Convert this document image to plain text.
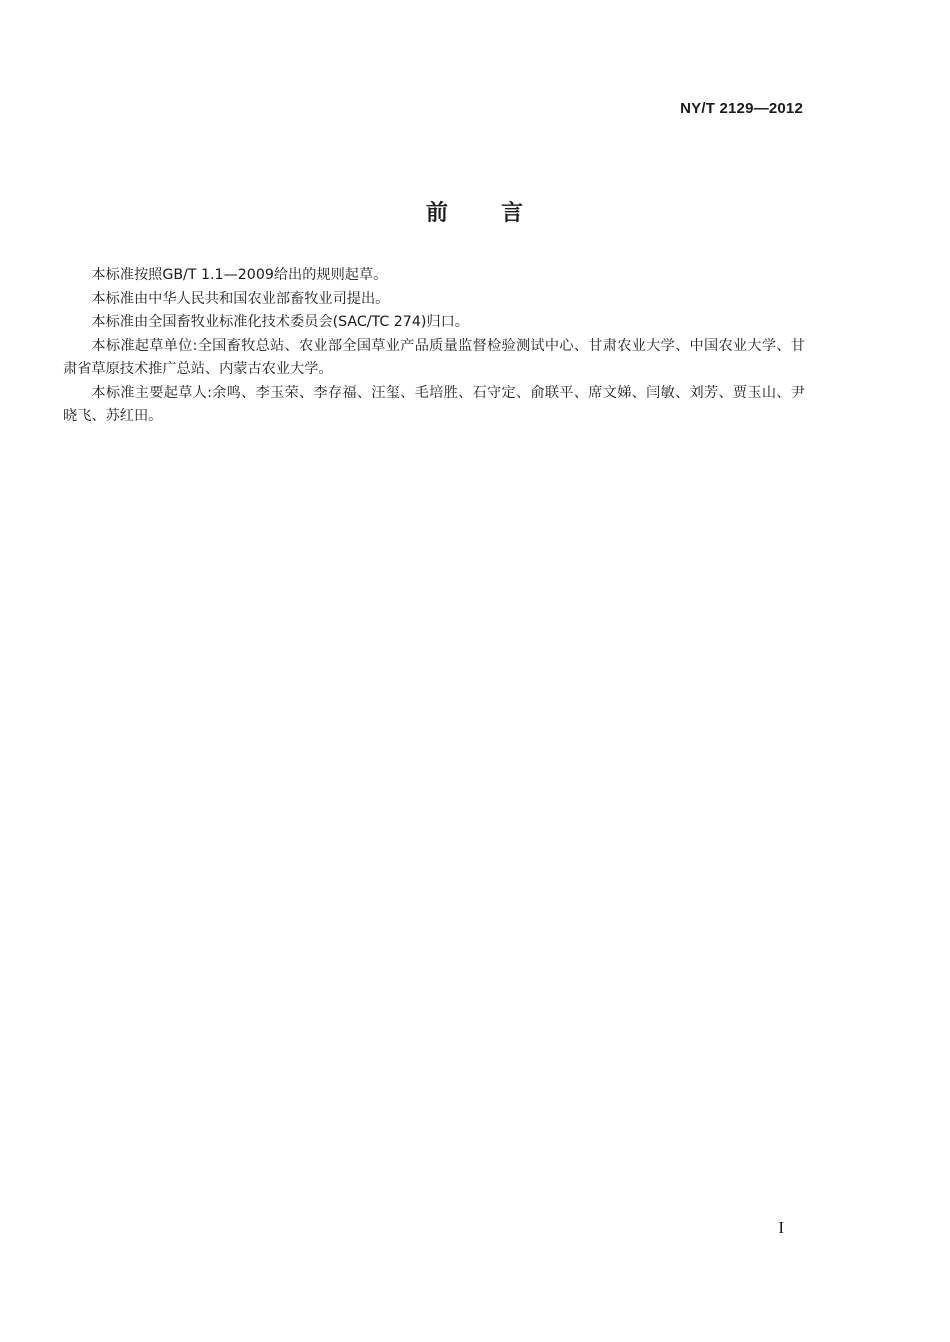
NY/T 2129—2012
前 言

本标准按照GB/T 1.1—2009给出的规则起草。

本标准由中华人民共和国农业部畜牧业司提出。

本标准由全国畜牧业标准化技术委员会(SAC/TC 274)归口。

本标准起草单位:全国畜牧总站、农业部全国草业产品质量监督检验测试中心、甘肃农业大学、中国农业大学、甘肃省草原技术推广总站、内蒙古农业大学。

本标准主要起草人:余鸣、李玉荣、李存福、汪玺、毛培胜、石守定、俞联平、席文娣、闫敏、刘芳、贾玉山、尹晓飞、苏红田。

I
